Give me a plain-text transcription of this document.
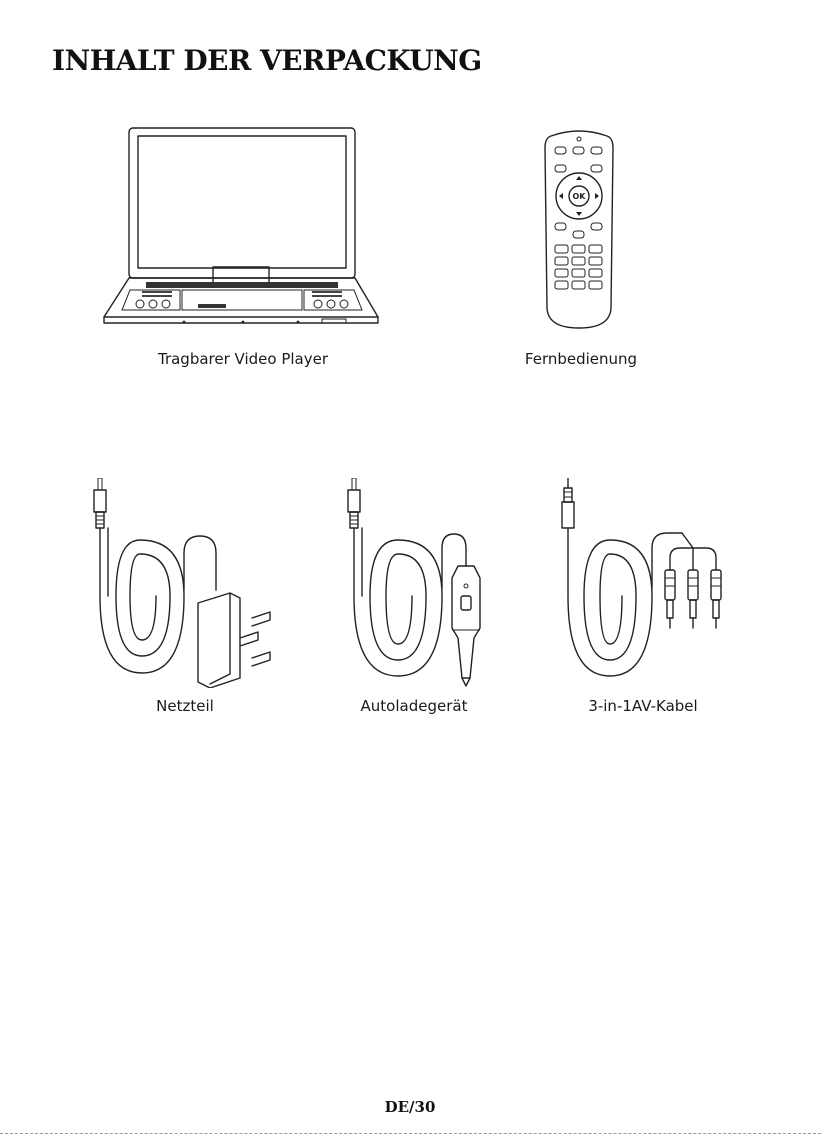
INHALT DER VERPACKUNG
Tragbarer Video Player
OK
Fernbedienung
Netzteil	Autoladegerät	3-in-1AV-Kabel
DE/30
